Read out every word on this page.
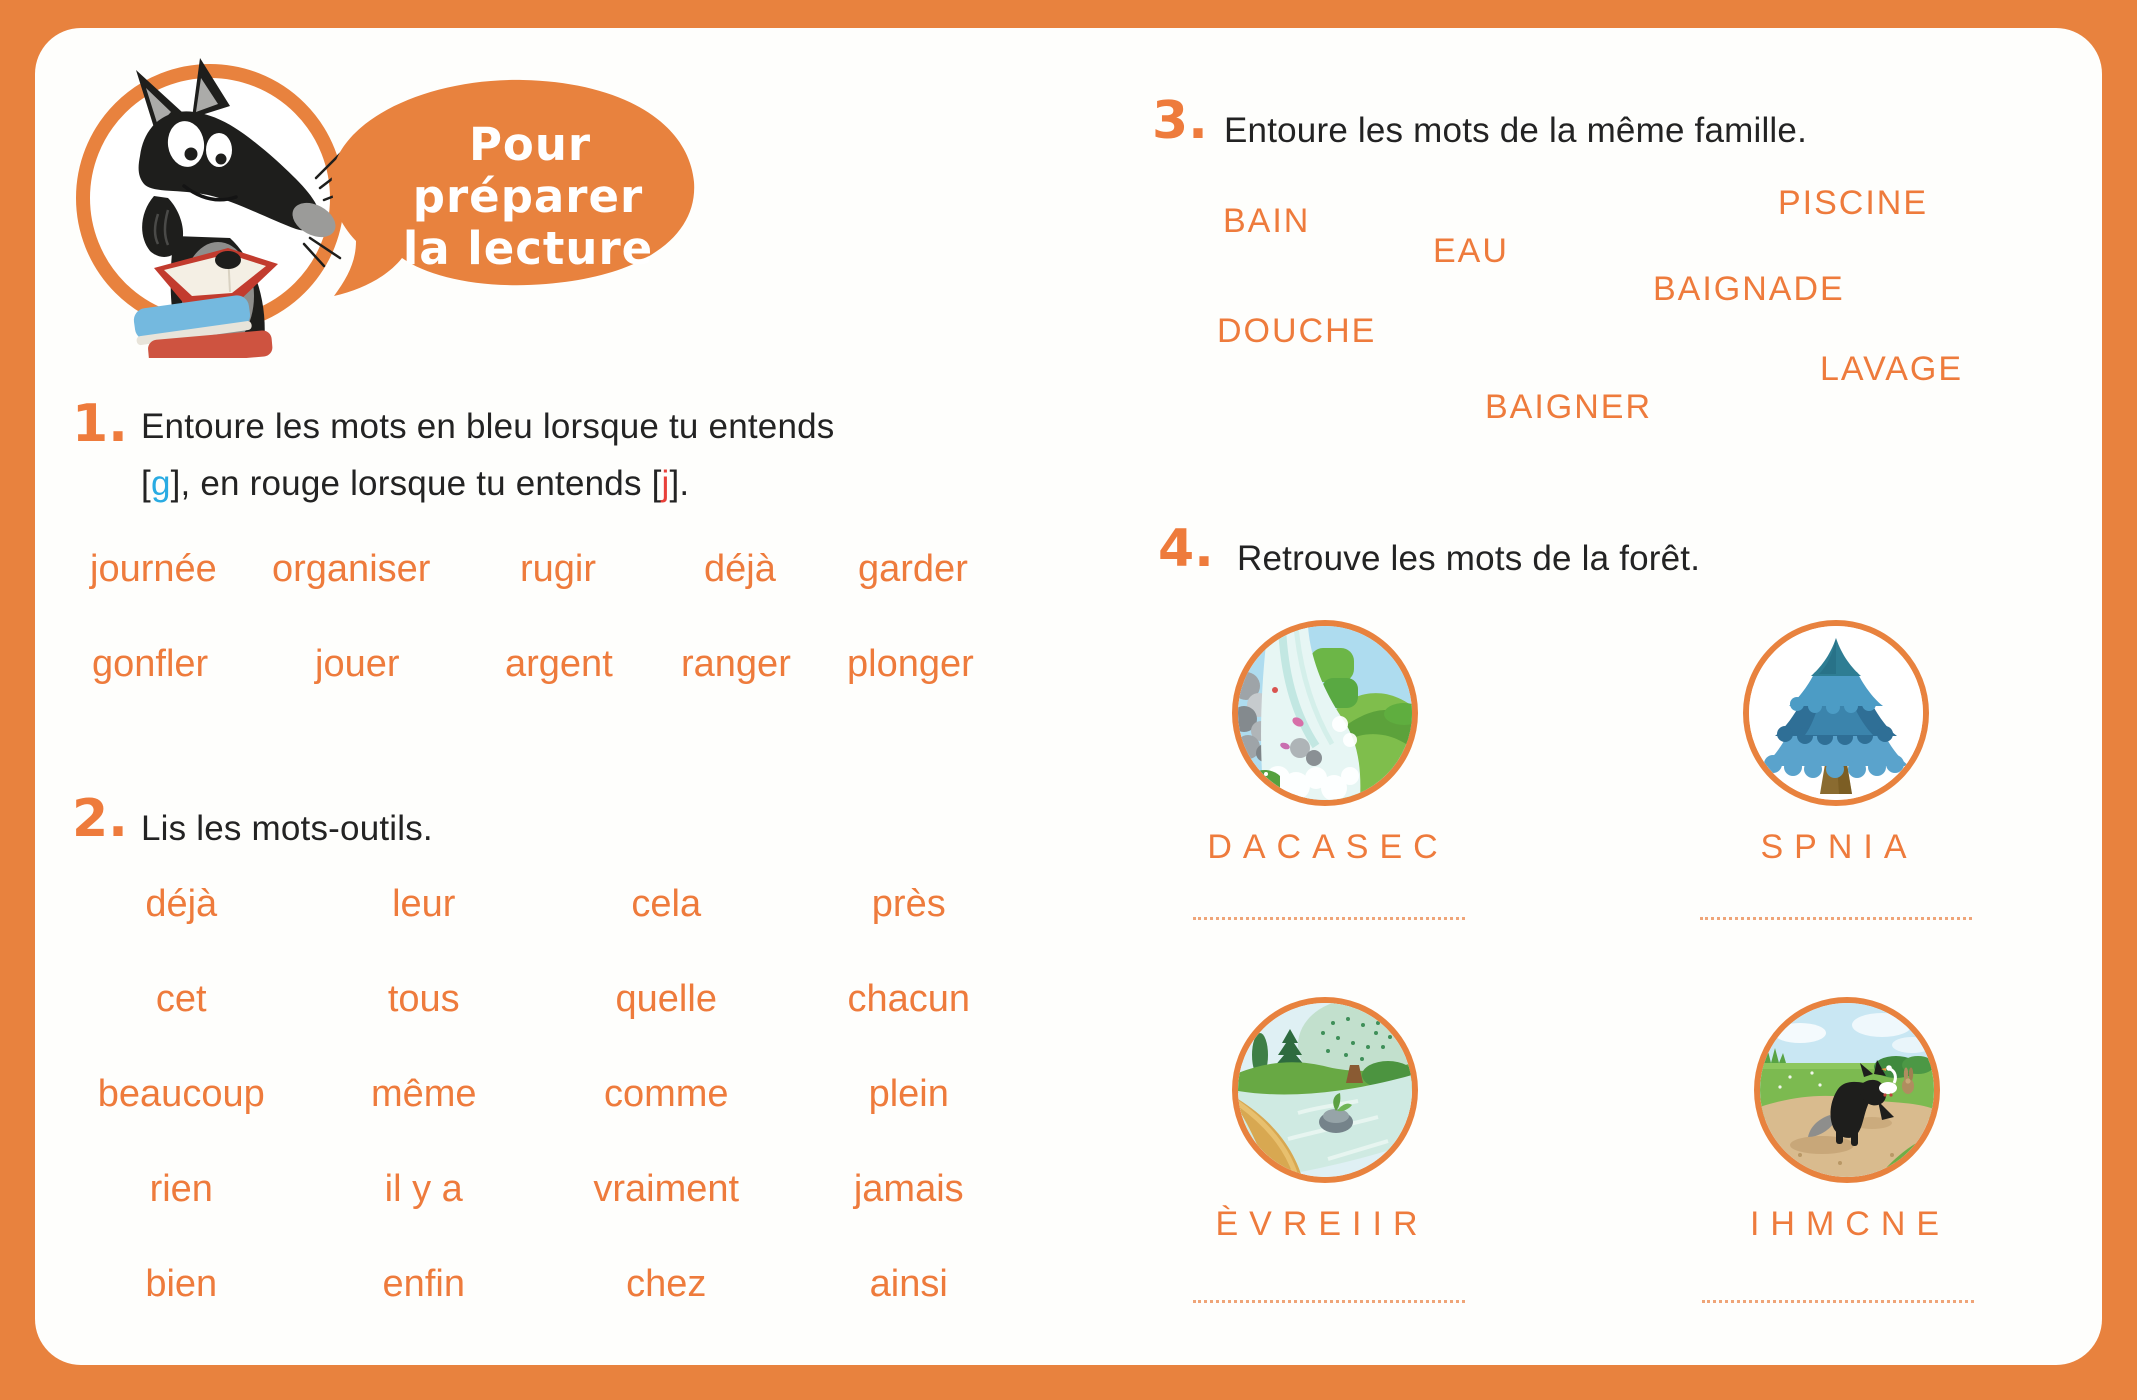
Pour
préparer
la lecture
1. Entoure les mots en bleu lorsque tu entends
[g], en rouge lorsque tu entends [j].
journée organiser rugir	déjà garder
gonfler	jouer	argent ranger plonger
2. Lis les mots-outils.
déjà	leur	cela	près
cet	tous	quelle	chacun
beaucoup	même	comme	plein
rien	il y a	vraiment	jamais
bien	enfin	chez	ainsi
3. Entoure les mots de la même famille.
BAIN
EAU
PISCINE
BAIGNADE
DOUCHE
LAVAGE
BAIGNER
4. Retrouve les mots de la forêt.
DACASEC	SPNIA
ÈVREIIR	IHMCNE
